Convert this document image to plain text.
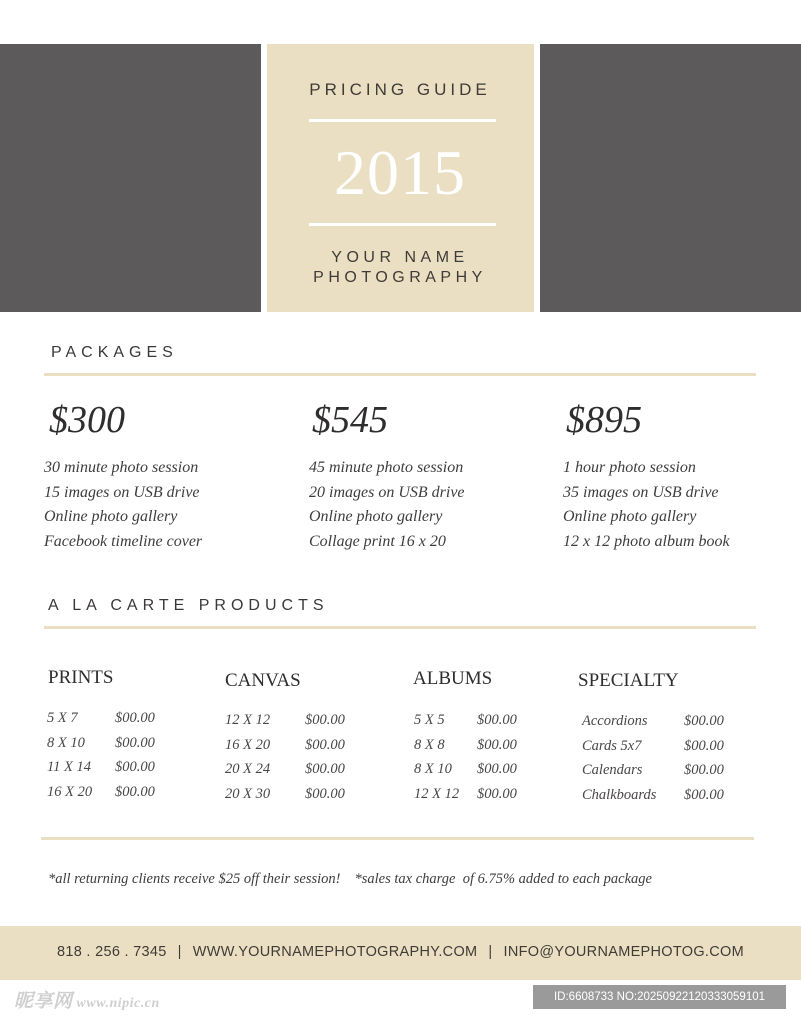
PRICING GUIDE
2015
YOUR NAME
PHOTOGRAPHY
PACKAGES
$300
30 minute photo session
15 images on USB drive
Online photo gallery
Facebook timeline cover
$545
45 minute photo session
20 images on USB drive
Online photo gallery
Collage print 16 x 20
$895
1 hour photo session
35 images on USB drive
Online photo gallery
12 x 12 photo album book
A LA CARTE PRODUCTS
PRINTS
5 X 7	$00.00
8 X 10	$00.00
11 X 14	$00.00
16 X 20	$00.00
CANVAS
12 X 12	$00.00
16 X 20	$00.00
20 X 24	$00.00
20 X 30	$00.00
ALBUMS
5 X 5	$00.00
8 X 8	$00.00
8 X 10	$00.00
12 X 12	$00.00
SPECIALTY
Accordions	$00.00
Cards 5x7	$00.00
Calendars	$00.00
Chalkboards	$00.00
*all returning clients receive $25 off their session! *sales tax charge  of 6.75% added to each package
818 . 256 . 7345 | WWW.YOURNAMEPHOTOGRAPHY.COM | INFO@YOURNAMEPHOTOG.COM
昵享网 www.nipic.cn	ID:6608733 NO:20250922120333059101
